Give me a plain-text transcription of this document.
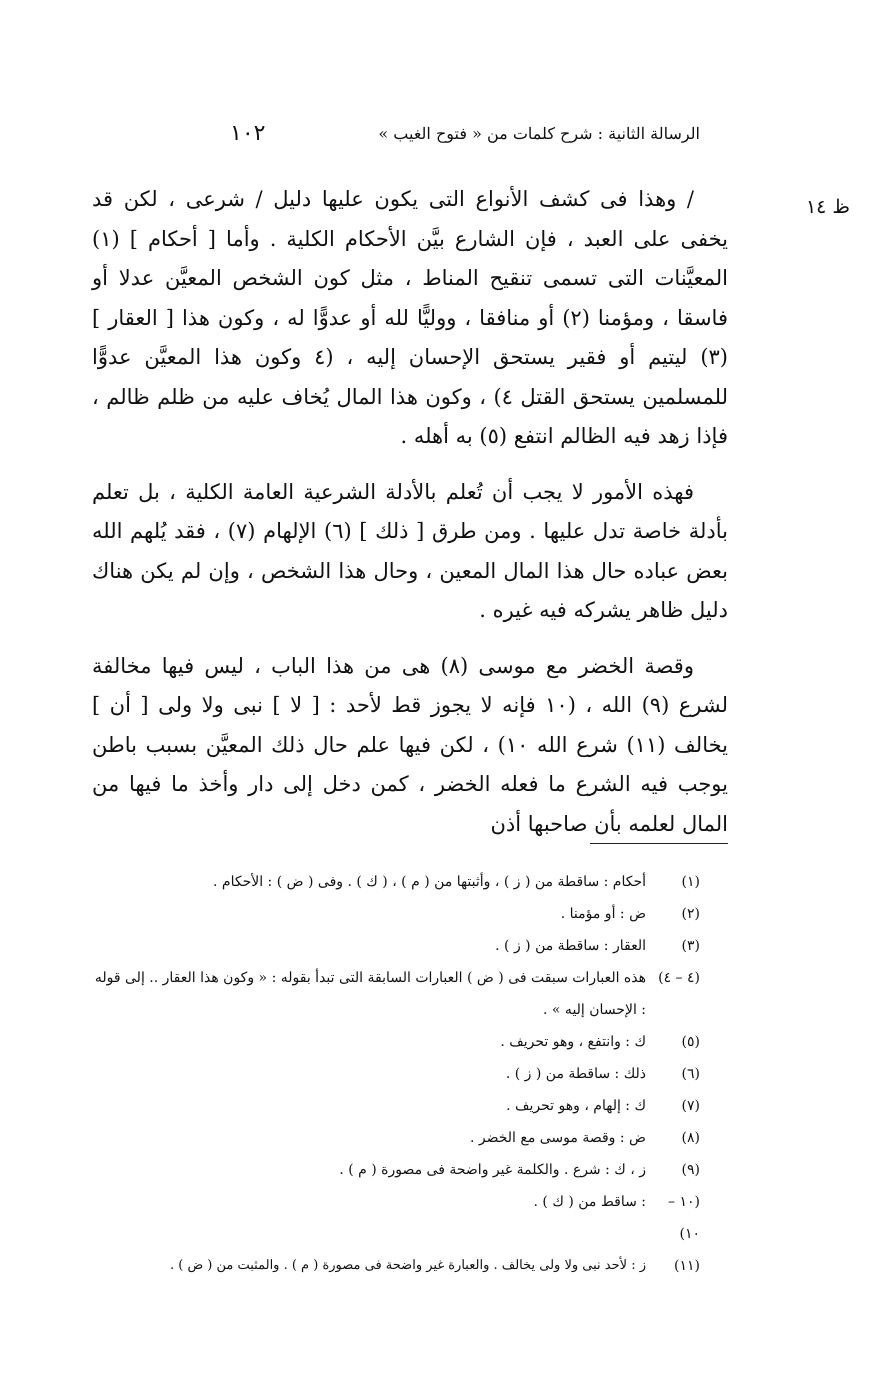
الرسالة الثانية : شرح كلمات من « فتوح الغيب »
١٠٢
ظ ١٤

/ وهذا فى كشف الأنواع التى يكون عليها دليل / شرعى ، لكن قد يخفى على العبد ، فإن الشارع بيَّن الأحكام الكلية . وأما [ أحكام ] (١) المعيَّنات التى تسمى تنقيح المناط ، مثل كون الشخص المعيَّن عدلا أو فاسقا ، ومؤمنا (٢) أو منافقا ، ووليًّا لله أو عدوًّا له ، وكون هذا [ العقار ] (٣) ليتيم أو فقير يستحق الإحسان إليه ، (٤ وكون هذا المعيَّن عدوًّا للمسلمين يستحق القتل ٤) ، وكون هذا المال يُخاف عليه من ظلم ظالم ، فإذا زهد فيه الظالم انتفع (٥) به أهله .

فهذه الأمور لا يجب أن تُعلم بالأدلة الشرعية العامة الكلية ، بل تعلم بأدلة خاصة تدل عليها . ومن طرق [ ذلك ] (٦) الإلهام (٧) ، فقد يُلهم الله بعض عباده حال هذا المال المعين ، وحال هذا الشخص ، وإن لم يكن هناك دليل ظاهر يشركه فيه غيره .

وقصة الخضر مع موسى (٨) هى من هذا الباب ، ليس فيها مخالفة لشرع (٩) الله ، (١٠ فإنه لا يجوز قط لأحد : [ لا ] نبى ولا ولى [ أن ] يخالف (١١) شرع الله ١٠) ، لكن فيها علم حال ذلك المعيَّن بسبب باطن يوجب فيه الشرع ما فعله الخضر ، كمن دخل إلى دار وأخذ ما فيها من المال لعلمه بأن صاحبها أذن

(١)
أحكام : ساقطة من ( ز ) ، وأثبتها من ( م ) ، ( ك ) . وفى ( ض ) : الأحكام .
(٢)
ض : أو مؤمنا .
(٣)
العقار : ساقطة من ( ز ) .
(٤ – ٤)
هذه العبارات سبقت فى ( ض ) العبارات السابقة التى تبدأ بقوله : « وكون هذا العقار .. إلى قوله : الإحسان إليه » .
(٥)
ك : وانتفع ، وهو تحريف .
(٦)
ذلك : ساقطة من ( ز ) .
(٧)
ك : إلهام ، وهو تحريف .
(٨)
ض : وقصة موسى مع الخضر .
(٩)
ز ، ك : شرع . والكلمة غير واضحة فى مصورة ( م ) .
(١٠ – ١٠)
: ساقط من ( ك ) .
(١١)
ز : لأحد نبى ولا ولى يخالف . والعبارة غير واضحة فى مصورة ( م ) . والمثبت من ( ض ) .
